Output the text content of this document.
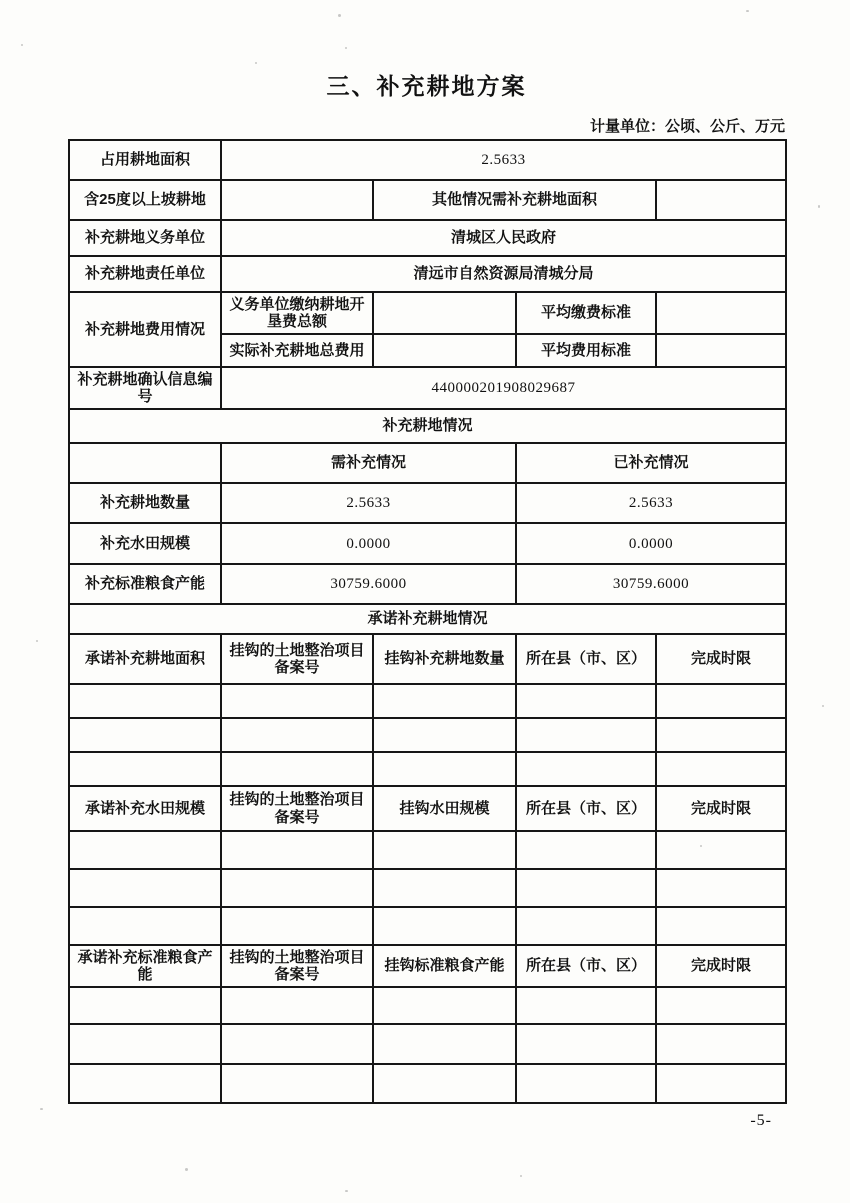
三、补充耕地方案
计量单位：公顷、公斤、万元
占用耕地面积	2.5633			
含25度以上坡耕地		其他情况需补充耕地面积		
补充耕地义务单位	清城区人民政府			
补充耕地责任单位	清远市自然资源局清城分局			
补充耕地费用情况	义务单位缴纳耕地开垦费总额		平均缴费标准	
	实际补充耕地总费用		平均费用标准	
补充耕地确认信息编号	440000201908029687			
补充耕地情况				
	需补充情况		已补充情况	
补充耕地数量	2.5633		2.5633	
补充水田规模	0.0000		0.0000	
补充标准粮食产能	30759.6000		30759.6000	
承诺补充耕地情况				
承诺补充耕地面积	挂钩的土地整治项目备案号	挂钩补充耕地数量	所在县（市、区）	完成时限

承诺补充水田规模	挂钩的土地整治项目备案号	挂钩水田规模	所在县（市、区）	完成时限

承诺补充标准粮食产能	挂钩的土地整治项目备案号	挂钩标准粮食产能	所在县（市、区）	完成时限

-5-
